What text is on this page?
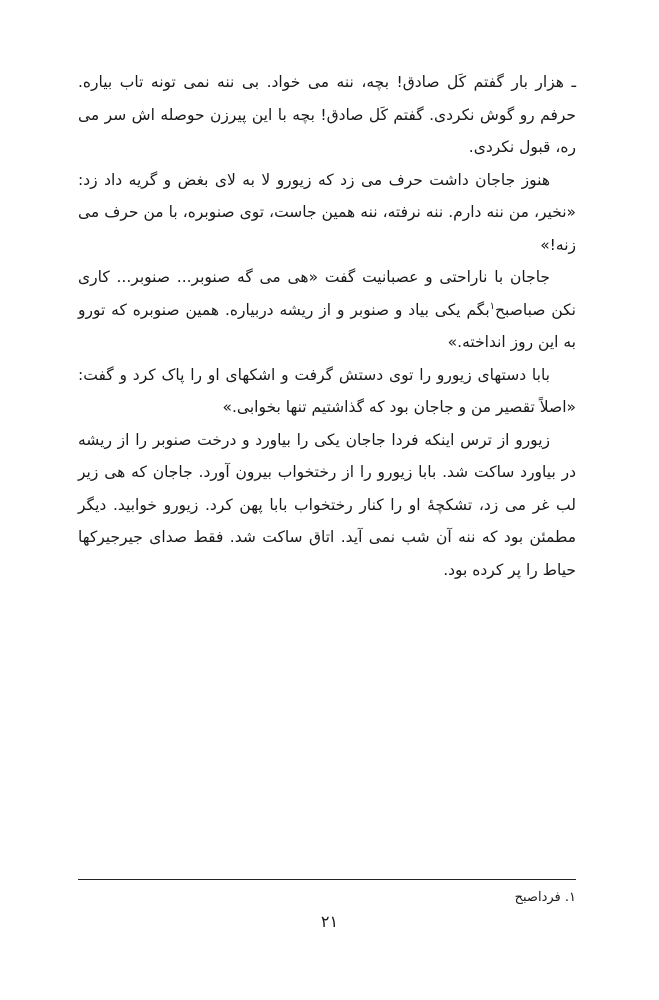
ـ هزار بار گفتم کَل صادق! بچه، ننه می خواد. بی ننه نمی تونه تاب بیاره. حرفم رو گوش نکردی. گفتم کَل صادق! بچه با این پیرزن حوصله اش سر می ره، قبول نکردی.

هنوز جاجان داشت حرف می زد که زیورو لا به لای بغض و گریه داد زد: «نخیر، من ننه دارم. ننه نرفته، ننه همین جاست، توی صنوبره، با من حرف می زنه!»

جاجان با ناراحتی و عصبانیت گفت «هی می گه صنوبر... صنوبر... کاری نکن صباصبح$^١$بگم یکی بیاد و صنوبر و از ریشه دربیاره. همین صنوبره که تورو به این روز انداخته.»

بابا دستهای زیورو را توی دستش گرفت و اشکهای او را پاک کرد و گفت: «اصلاً تقصیر من و جاجان بود که گذاشتیم تنها بخوابی.»

زیورو از ترس اینکه فردا جاجان یکی را بیاورد و درخت صنوبر را از ریشه در بیاورد ساکت شد. بابا زیورو را از رختخواب بیرون آورد. جاجان که هی زیر لب غر می زد، تشکچهٔ او را کنار رختخواب بابا پهن کرد. زیورو خوابید. دیگر مطمئن بود که ننه آن شب نمی آید. اتاق ساکت شد. فقط صدای جیرجیرکها حیاط را پر کرده بود.

١. فرداصبح
٢١
